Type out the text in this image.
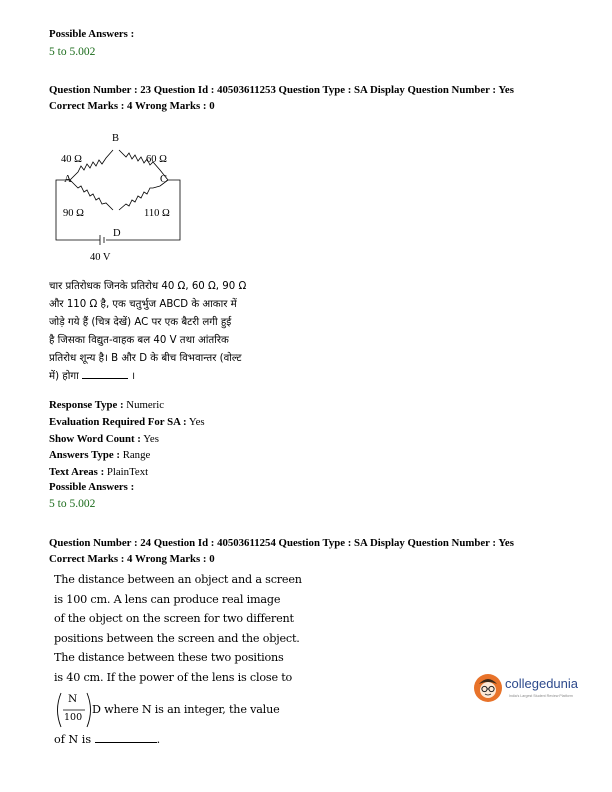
Possible Answers :
5 to 5.002
Question Number : 23 Question Id : 40503611253 Question Type : SA Display Question Number : Yes
Correct Marks : 4 Wrong Marks : 0
B
A	C
D
40 Ω	60 Ω
90 Ω	110 Ω
40 V
चार प्रतिरोधक जिनके प्रतिरोध 40 Ω, 60 Ω, 90 Ω
और 110 Ω है, एक चतुर्भुज ABCD के आकार में
जोड़े गये हैं (चित्र देखें) AC पर एक बैटरी लगी हुई
है जिसका विद्युत-वाहक बल 40 V तथा आंतरिक
प्रतिरोध शून्य है। B और D के बीच विभवान्तर (वोल्ट
में) होगा	।
Response Type : Numeric
Evaluation Required For SA : Yes
Show Word Count : Yes
Answers Type : Range
Text Areas : PlainText
Possible Answers :
5 to 5.002
Question Number : 24 Question Id : 40503611254 Question Type : SA Display Question Number : Yes
Correct Marks : 4 Wrong Marks : 0
The distance between an object and a screen
is 100 cm. A lens can produce real image
of the object on the screen for two different
positions between the screen and the object.
The distance between these two positions
is 40 cm. If the power of the lens is close to
N
100
D where N is an integer, the value
of N is	.
collegedunia
India's Largest Student Review Platform
